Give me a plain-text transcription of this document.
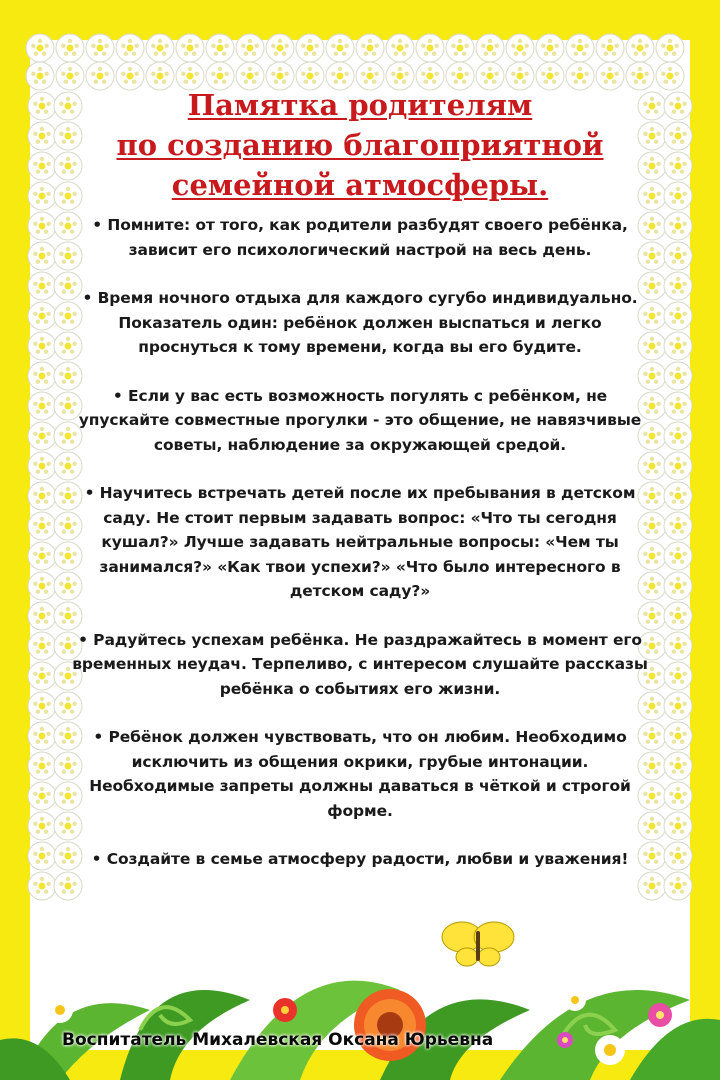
Памятка родителям
по созданию благоприятной
семейной атмосферы.

• Помните: от того, как родители разбудят своего ребёнка, зависит его психологический настрой на весь день.

• Время ночного отдыха для каждого сугубо индивидуально. Показатель один: ребёнок должен выспаться и легко проснуться к тому времени, когда вы его будите.

• Если у вас есть возможность погулять с ребёнком, не упускайте совместные прогулки - это общение, не навязчивые советы, наблюдение за окружающей средой.

• Научитесь встречать детей после их пребывания в детском саду. Не стоит первым задавать вопрос: «Что ты сегодня кушал?» Лучше задавать нейтральные вопросы: «Чем ты занимался?» «Как твои успехи?» «Что было интересного в детском саду?»

• Радуйтесь успехам ребёнка. Не раздражайтесь в момент его временных неудач. Терпеливо, с интересом слушайте рассказы ребёнка о событиях его жизни.

• Ребёнок должен чувствовать, что он любим. Необходимо исключить из общения окрики, грубые интонации. Необходимые запреты должны даваться в чёткой и строгой форме.

• Создайте в семье атмосферу радости, любви и уважения!

Воспитатель Михалевская Оксана Юрьевна
